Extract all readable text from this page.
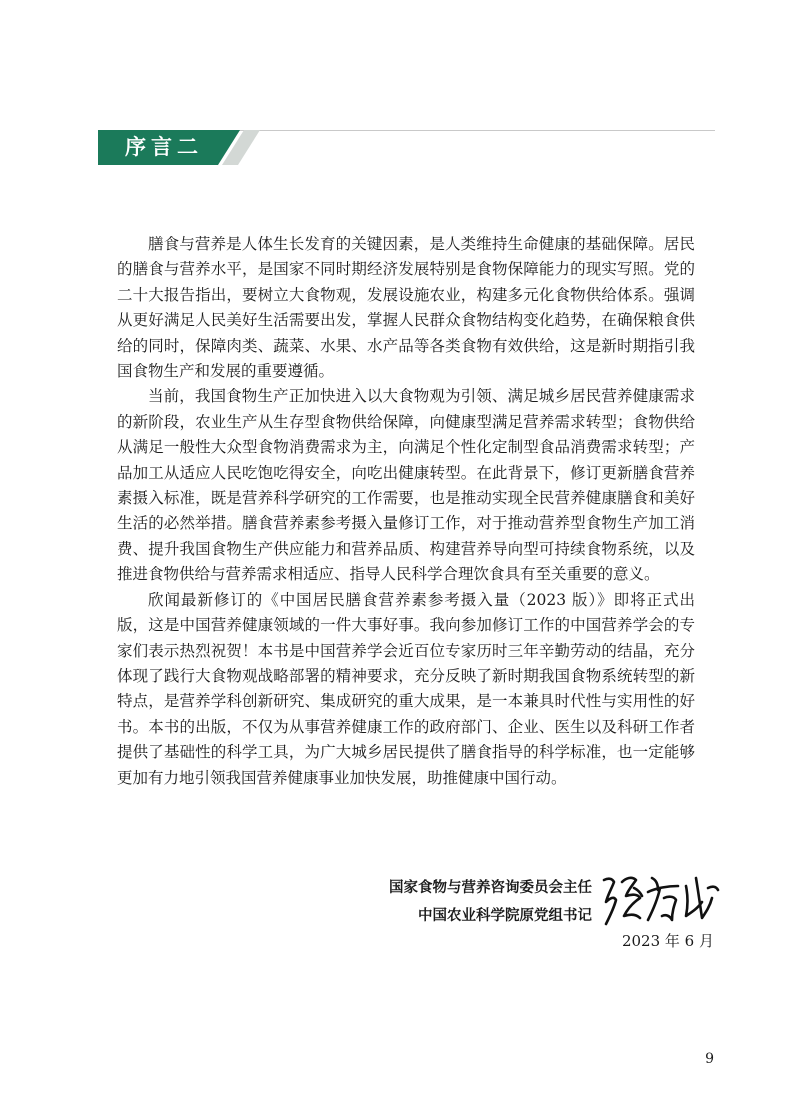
序言二

膳食与营养是人体生长发育的关键因素，是人类维持生命健康的基础保障。居民的膳食与营养水平，是国家不同时期经济发展特别是食物保障能力的现实写照。党的二十大报告指出，要树立大食物观，发展设施农业，构建多元化食物供给体系。强调从更好满足人民美好生活需要出发，掌握人民群众食物结构变化趋势，在确保粮食供给的同时，保障肉类、蔬菜、水果、水产品等各类食物有效供给，这是新时期指引我国食物生产和发展的重要遵循。

当前，我国食物生产正加快进入以大食物观为引领、满足城乡居民营养健康需求的新阶段，农业生产从生存型食物供给保障，向健康型满足营养需求转型；食物供给从满足一般性大众型食物消费需求为主，向满足个性化定制型食品消费需求转型；产品加工从适应人民吃饱吃得安全，向吃出健康转型。在此背景下，修订更新膳食营养素摄入标准，既是营养科学研究的工作需要，也是推动实现全民营养健康膳食和美好生活的必然举措。膳食营养素参考摄入量修订工作，对于推动营养型食物生产加工消费、提升我国食物生产供应能力和营养品质、构建营养导向型可持续食物系统，以及推进食物供给与营养需求相适应、指导人民科学合理饮食具有至关重要的意义。

欣闻最新修订的《中国居民膳食营养素参考摄入量（2023 版）》即将正式出版，这是中国营养健康领域的一件大事好事。我向参加修订工作的中国营养学会的专家们表示热烈祝贺！本书是中国营养学会近百位专家历时三年辛勤劳动的结晶，充分体现了践行大食物观战略部署的精神要求，充分反映了新时期我国食物系统转型的新特点，是营养学科创新研究、集成研究的重大成果，是一本兼具时代性与实用性的好书。本书的出版，不仅为从事营养健康工作的政府部门、企业、医生以及科研工作者提供了基础性的科学工具，为广大城乡居民提供了膳食指导的科学标准，也一定能够更加有力地引领我国营养健康事业加快发展，助推健康中国行动。

国家食物与营养咨询委员会主任
中国农业科学院原党组书记
2023 年 6 月
9
